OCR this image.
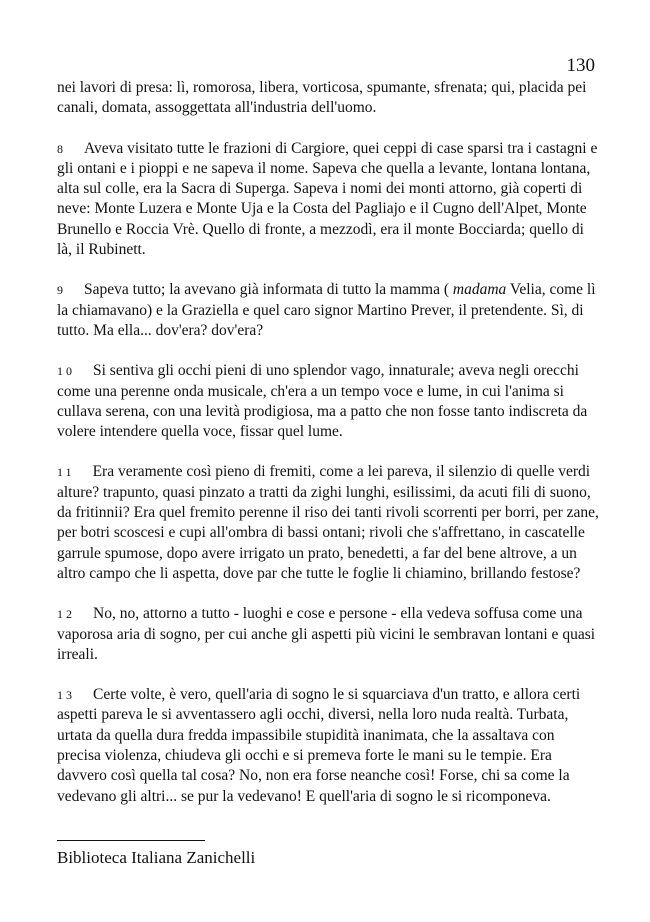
130

nei lavori di presa: lì, romorosa, libera, vorticosa, spumante, sfrenata; qui, placida pei canali, domata, assoggettata all'industria dell'uomo.

8 Aveva visitato tutte le frazioni di Cargiore, quei ceppi di case sparsi tra i castagni e gli ontani e i pioppi e ne sapeva il nome. Sapeva che quella a levante, lontana lontana, alta sul colle, era la Sacra di Superga. Sapeva i nomi dei monti attorno, già coperti di neve: Monte Luzera e Monte Uja e la Costa del Pagliajo e il Cugno dell'Alpet, Monte Brunello e Roccia Vrè. Quello di fronte, a mezzodì, era il monte Bocciarda; quello di là, il Rubinett.

9 Sapeva tutto; la avevano già informata di tutto la mamma ( madama Velia, come lì la chiamavano) e la Graziella e quel caro signor Martino Prever, il pretendente. Sì, di tutto. Ma ella... dov'era? dov'era?

10 Si sentiva gli occhi pieni di uno splendor vago, innaturale; aveva negli orecchi come una perenne onda musicale, ch'era a un tempo voce e lume, in cui l'anima si cullava serena, con una levità prodigiosa, ma a patto che non fosse tanto indiscreta da volere intendere quella voce, fissar quel lume.

11 Era veramente così pieno di fremiti, come a lei pareva, il silenzio di quelle verdi alture? trapunto, quasi pinzato a tratti da zighi lunghi, esilissimi, da acuti fili di suono, da fritinnii? Era quel fremito perenne il riso dei tanti rivoli scorrenti per borri, per zane, per botri scoscesi e cupi all'ombra di bassi ontani; rivoli che s'affrettano, in cascatelle garrule spumose, dopo avere irrigato un prato, benedetti, a far del bene altrove, a un altro campo che li aspetta, dove par che tutte le foglie li chiamino, brillando festose?

12 No, no, attorno a tutto - luoghi e cose e persone - ella vedeva soffusa come una vaporosa aria di sogno, per cui anche gli aspetti più vicini le sembravan lontani e quasi irreali.

13 Certe volte, è vero, quell'aria di sogno le si squarciava d'un tratto, e allora certi aspetti pareva le si avventassero agli occhi, diversi, nella loro nuda realtà. Turbata, urtata da quella dura fredda impassibile stupidità inanimata, che la assaltava con precisa violenza, chiudeva gli occhi e si premeva forte le mani su le tempie. Era davvero così quella tal cosa? No, non era forse neanche così! Forse, chi sa come la vedevano gli altri... se pur la vedevano! E quell'aria di sogno le si ricomponeva.

Biblioteca Italiana Zanichelli
